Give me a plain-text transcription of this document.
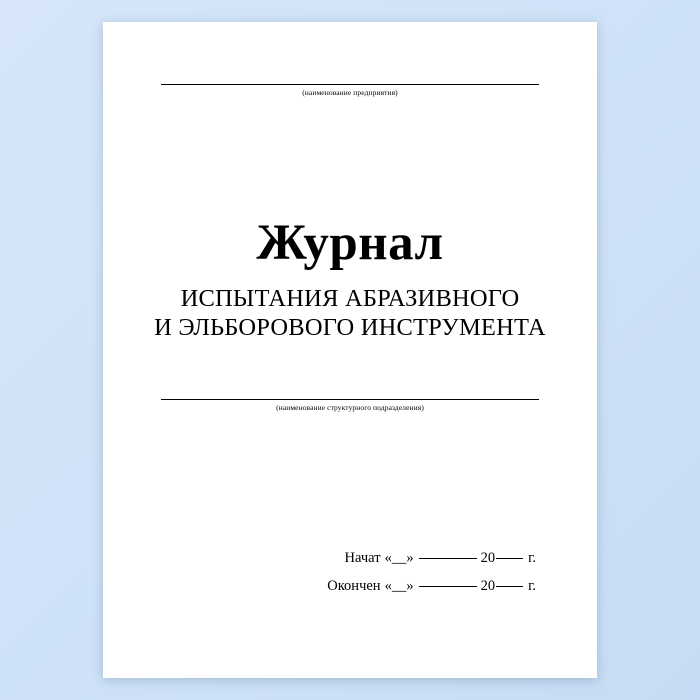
(наименование предприятия)
Журнал
ИСПЫТАНИЯ АБРАЗИВНОГО
И ЭЛЬБОРОВОГО ИНСТРУМЕНТА
(наименование структурного подразделения)
Начат «__»	20 г.
Окончен «__»	20 г.
